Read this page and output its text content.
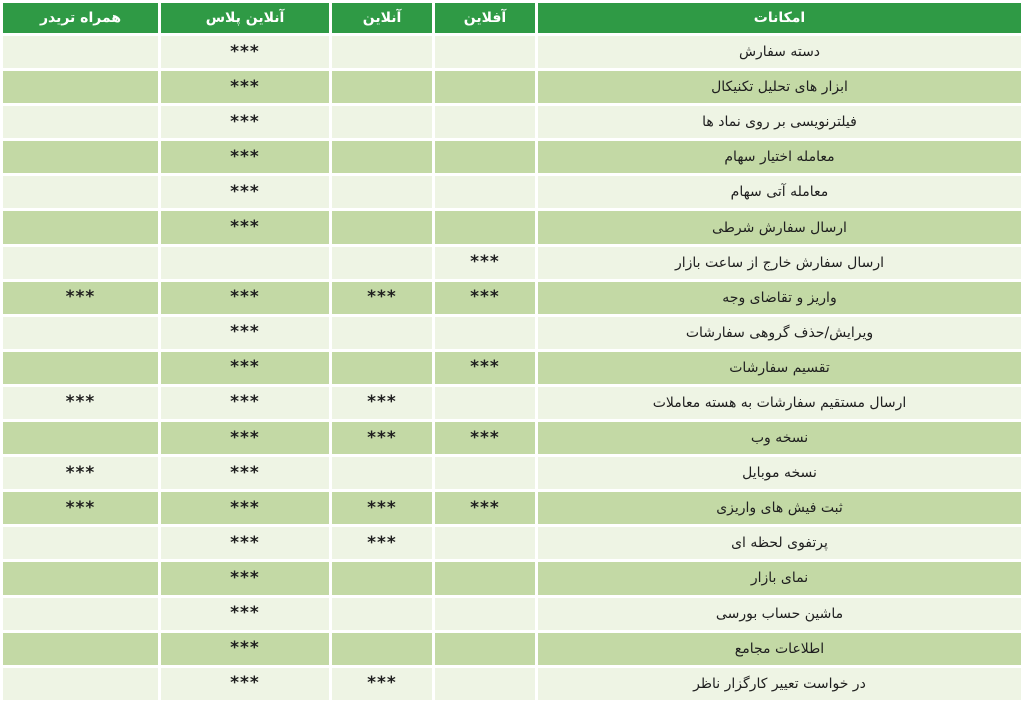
همراه تریدر	آنلاین پلاس	آنلاین	آفلاین	امکانات
	***			دسته سفارش
	***			ابزار های تحلیل تکنیکال
	***			فیلترنویسی بر روی نماد ها
	***			معامله اختیار سهام
	***			معامله آتی سهام
	***			ارسال سفارش شرطی
			***	ارسال سفارش خارج از ساعت بازار
***	***	***	***	واریز و تقاضای وجه
	***			ویرایش/حذف گروهی سفارشات
	***		***	تقسیم سفارشات
***	***	***		ارسال مستقیم سفارشات به هسته معاملات
	***	***	***	نسخه وب
***	***			نسخه موبایل
***	***	***	***	ثبت فیش های واریزی
	***	***		پرتفوی لحظه ای
	***			نمای بازار
	***			ماشین حساب بورسی
	***			اطلاعات مجامع
	***	***		در خواست تعییر کارگزار ناظر
